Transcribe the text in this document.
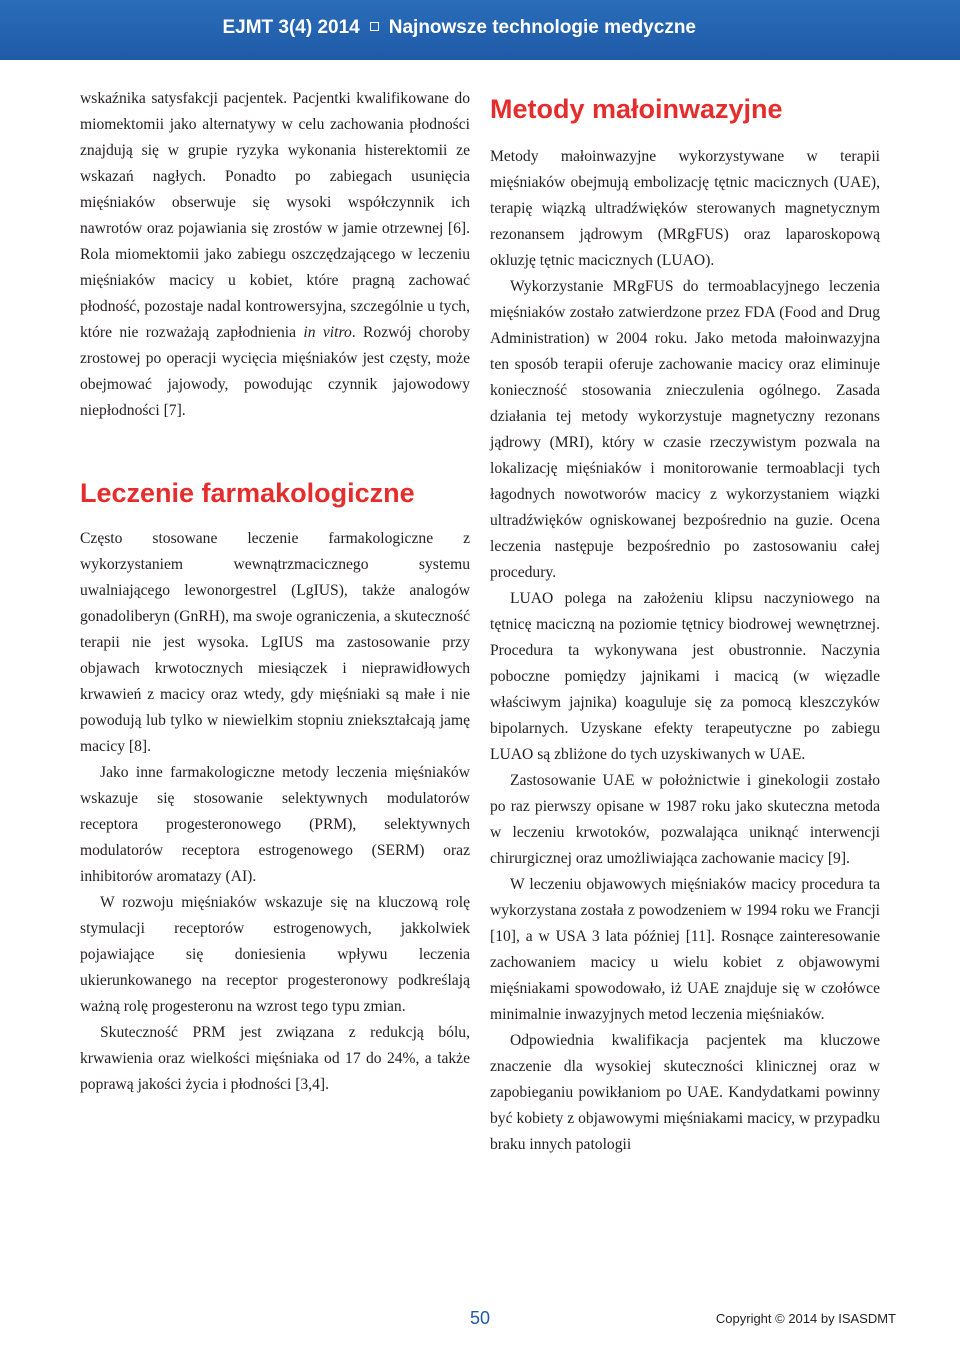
EJMT 3(4) 2014 Najnowsze technologie medyczne

wskaźnika satysfakcji pacjentek. Pacjentki kwalifikowane do miomektomii jako alternatywy w celu zachowania płodności znajdują się w grupie ryzyka wykonania histerektomii ze wskazań nagłych. Ponadto po zabiegach usunięcia mięśniaków obserwuje się wysoki współczynnik ich nawrotów oraz pojawiania się zrostów w jamie otrzewnej [6]. Rola miomektomii jako zabiegu oszczędzającego w leczeniu mięśniaków macicy u kobiet, które pragną zachować płodność, pozostaje nadal kontrowersyjna, szczególnie u tych, które nie rozważają zapłodnienia in vitro. Rozwój choroby zrostowej po operacji wycięcia mięśniaków jest częsty, może obejmować jajowody, powodując czynnik jajowodowy niepłodności [7].

Leczenie farmakologiczne

Często stosowane leczenie farmakologiczne z wykorzystaniem wewnątrzmacicznego systemu uwalniającego lewonorgestrel (LgIUS), także analogów gonadoliberyn (GnRH), ma swoje ograniczenia, a skuteczność terapii nie jest wysoka. LgIUS ma zastosowanie przy objawach krwotocznych miesiączek i nieprawidłowych krwawień z macicy oraz wtedy, gdy mięśniaki są małe i nie powodują lub tylko w niewielkim stopniu zniekształcają jamę macicy [8].

Jako inne farmakologiczne metody leczenia mięśniaków wskazuje się stosowanie selektywnych modulatorów receptora progesteronowego (PRM), selektywnych modulatorów receptora estrogenowego (SERM) oraz inhibitorów aromatazy (AI).

W rozwoju mięśniaków wskazuje się na kluczową rolę stymulacji receptorów estrogenowych, jakkolwiek pojawiające się doniesienia wpływu leczenia ukierunkowanego na receptor progesteronowy podkreślają ważną rolę progesteronu na wzrost tego typu zmian.

Skuteczność PRM jest związana z redukcją bólu, krwawienia oraz wielkości mięśniaka od 17 do 24%, a także poprawą jakości życia i płodności [3,4].

Metody małoinwazyjne

Metody małoinwazyjne wykorzystywane w terapii mięśniaków obejmują embolizację tętnic macicznych (UAE), terapię wiązką ultradźwięków sterowanych magnetycznym rezonansem jądrowym (MRgFUS) oraz laparoskopową okluzję tętnic macicznych (LUAO).

Wykorzystanie MRgFUS do termoablacyjnego leczenia mięśniaków zostało zatwierdzone przez FDA (Food and Drug Administration) w 2004 roku. Jako metoda małoinwazyjna ten sposób terapii oferuje zachowanie macicy oraz eliminuje konieczność stosowania znieczulenia ogólnego. Zasada działania tej metody wykorzystuje magnetyczny rezonans jądrowy (MRI), który w czasie rzeczywistym pozwala na lokalizację mięśniaków i monitorowanie termoablacji tych łagodnych nowotworów macicy z wykorzystaniem wiązki ultradźwięków ogniskowanej bezpośrednio na guzie. Ocena leczenia następuje bezpośrednio po zastosowaniu całej procedury.

LUAO polega na założeniu klipsu naczyniowego na tętnicę maciczną na poziomie tętnicy biodrowej wewnętrznej. Procedura ta wykonywana jest obustronnie. Naczynia poboczne pomiędzy jajnikami i macicą (w więzadle właściwym jajnika) koaguluje się za pomocą kleszczyków bipolarnych. Uzyskane efekty terapeutyczne po zabiegu LUAO są zbliżone do tych uzyskiwanych w UAE.

Zastosowanie UAE w położnictwie i ginekologii zostało po raz pierwszy opisane w 1987 roku jako skuteczna metoda w leczeniu krwotoków, pozwalająca uniknąć interwencji chirurgicznej oraz umożliwiająca zachowanie macicy [9].

W leczeniu objawowych mięśniaków macicy procedura ta wykorzystana została z powodzeniem w 1994 roku we Francji [10], a w USA 3 lata później [11]. Rosnące zainteresowanie zachowaniem macicy u wielu kobiet z objawowymi mięśniakami spowodowało, iż UAE znajduje się w czołówce minimalnie inwazyjnych metod leczenia mięśniaków.

Odpowiednia kwalifikacja pacjentek ma kluczowe znaczenie dla wysokiej skuteczności klinicznej oraz w zapobieganiu powikłaniom po UAE. Kandydatkami powinny być kobiety z objawowymi mięśniakami macicy, w przypadku braku innych patologii

50	Copyright © 2014 by ISASDMT
